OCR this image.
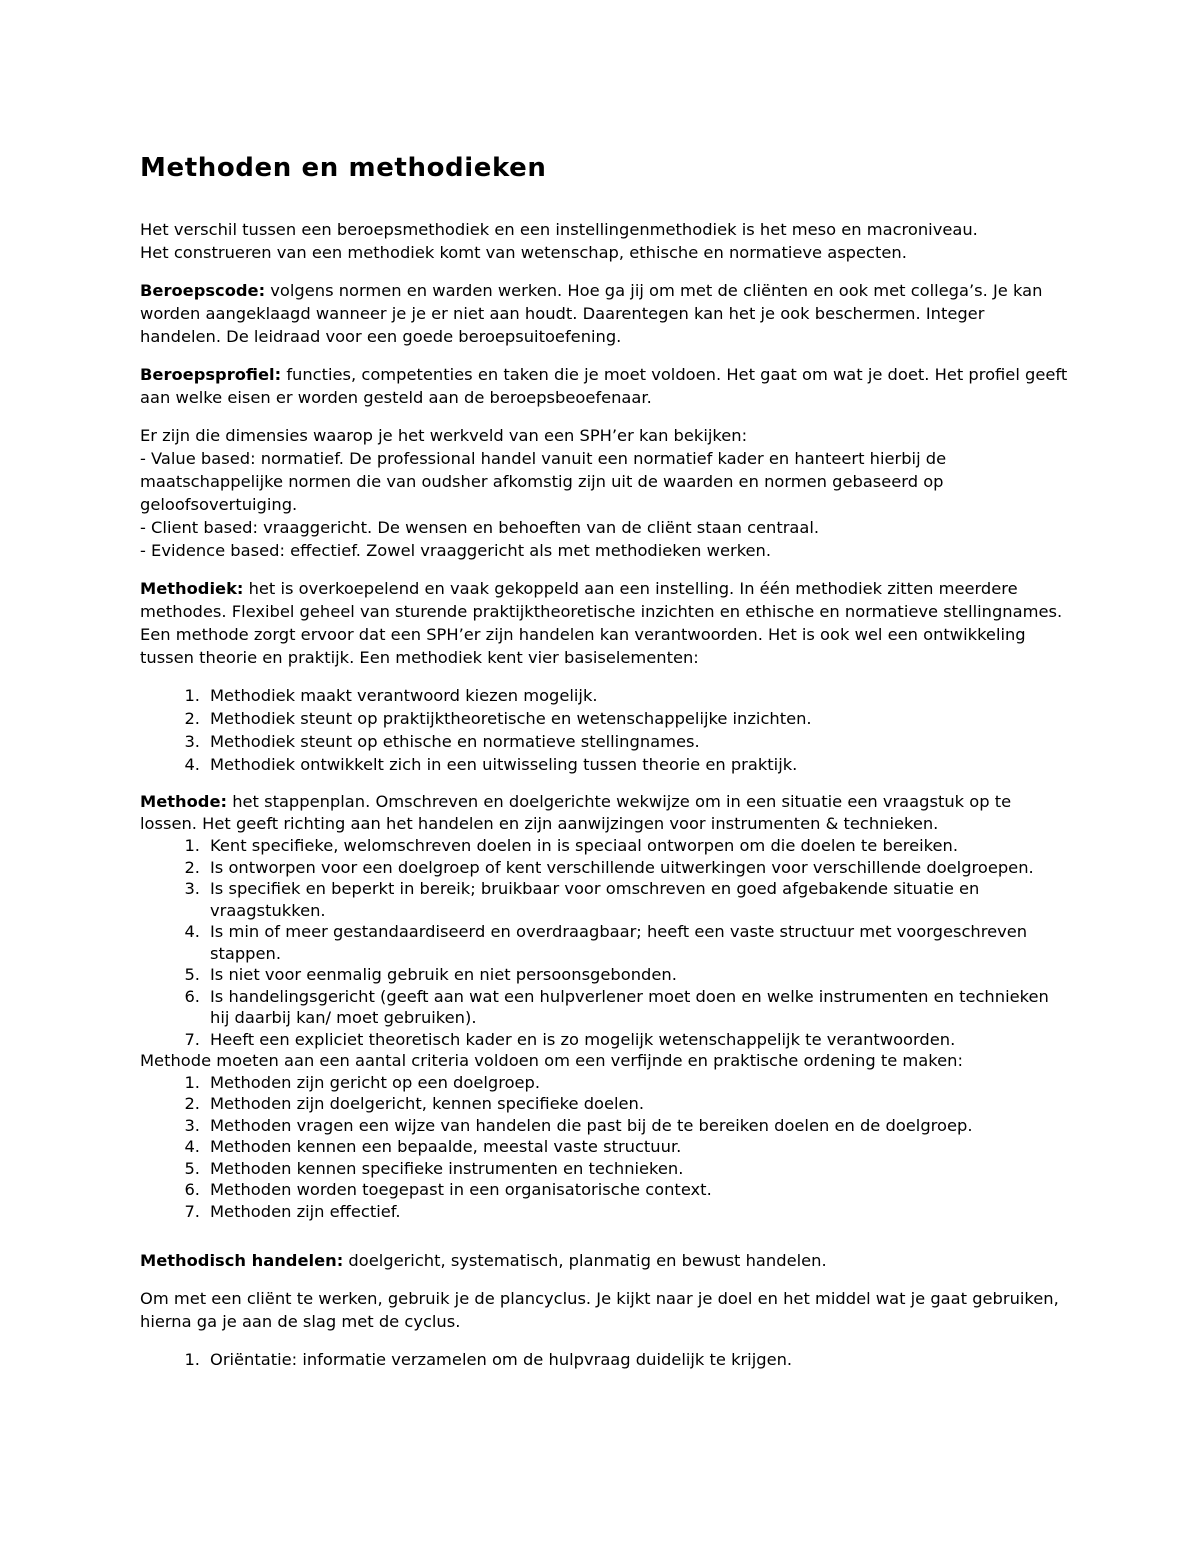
Methoden en methodieken

Het verschil tussen een beroepsmethodiek en een instellingenmethodiek is het meso en macroniveau.
Het construeren van een methodiek komt van wetenschap, ethische en normatieve aspecten.

Beroepscode: volgens normen en warden werken. Hoe ga jij om met de cliënten en ook met collega’s. Je kan worden aangeklaagd wanneer je je er niet aan houdt. Daarentegen kan het je ook beschermen. Integer handelen. De leidraad voor een goede beroepsuitoefening.

Beroepsprofiel: functies, competenties en taken die je moet voldoen. Het gaat om wat je doet. Het profiel geeft aan welke eisen er worden gesteld aan de beroepsbeoefenaar.

Er zijn die dimensies waarop je het werkveld van een SPH’er kan bekijken:
- Value based: normatief. De professional handel vanuit een normatief kader en hanteert hierbij de maatschappelijke normen die van oudsher afkomstig zijn uit de waarden en normen gebaseerd op geloofsovertuiging.
- Client based: vraaggericht. De wensen en behoeften van de cliënt staan centraal.
- Evidence based: effectief. Zowel vraaggericht als met methodieken werken.

Methodiek: het is overkoepelend en vaak gekoppeld aan een instelling. In één methodiek zitten meerdere methodes. Flexibel geheel van sturende praktijktheoretische inzichten en ethische en normatieve stellingnames. Een methode zorgt ervoor dat een SPH’er zijn handelen kan verantwoorden. Het is ook wel een ontwikkeling tussen theorie en praktijk. Een methodiek kent vier basiselementen:

1. Methodiek maakt verantwoord kiezen mogelijk.
2. Methodiek steunt op praktijktheoretische en wetenschappelijke inzichten.
3. Methodiek steunt op ethische en normatieve stellingnames.
4. Methodiek ontwikkelt zich in een uitwisseling tussen theorie en praktijk.

Methode: het stappenplan. Omschreven en doelgerichte wekwijze om in een situatie een vraagstuk op te lossen. Het geeft richting aan het handelen en zijn aanwijzingen voor instrumenten & technieken.

1. Kent specifieke, welomschreven doelen in is speciaal ontworpen om die doelen te bereiken.
2. Is ontworpen voor een doelgroep of kent verschillende uitwerkingen voor verschillende doelgroepen.
3. Is specifiek en beperkt in bereik; bruikbaar voor omschreven en goed afgebakende situatie en vraagstukken.
4. Is min of meer gestandaardiseerd en overdraagbaar; heeft een vaste structuur met voorgeschreven stappen.
5. Is niet voor eenmalig gebruik en niet persoonsgebonden.
6. Is handelingsgericht (geeft aan wat een hulpverlener moet doen en welke instrumenten en technieken hij daarbij kan/ moet gebruiken).
7. Heeft een expliciet theoretisch kader en is zo mogelijk wetenschappelijk te verantwoorden.

Methode moeten aan een aantal criteria voldoen om een verfijnde en praktische ordening te maken:

1. Methoden zijn gericht op een doelgroep.
2. Methoden zijn doelgericht, kennen specifieke doelen.
3. Methoden vragen een wijze van handelen die past bij de te bereiken doelen en de doelgroep.
4. Methoden kennen een bepaalde, meestal vaste structuur.
5. Methoden kennen specifieke instrumenten en technieken.
6. Methoden worden toegepast in een organisatorische context.
7. Methoden zijn effectief.

Methodisch handelen: doelgericht, systematisch, planmatig en bewust handelen.

Om met een cliënt te werken, gebruik je de plancyclus. Je kijkt naar je doel en het middel wat je gaat gebruiken, hierna ga je aan de slag met de cyclus.

1. Oriëntatie: informatie verzamelen om de hulpvraag duidelijk te krijgen.
